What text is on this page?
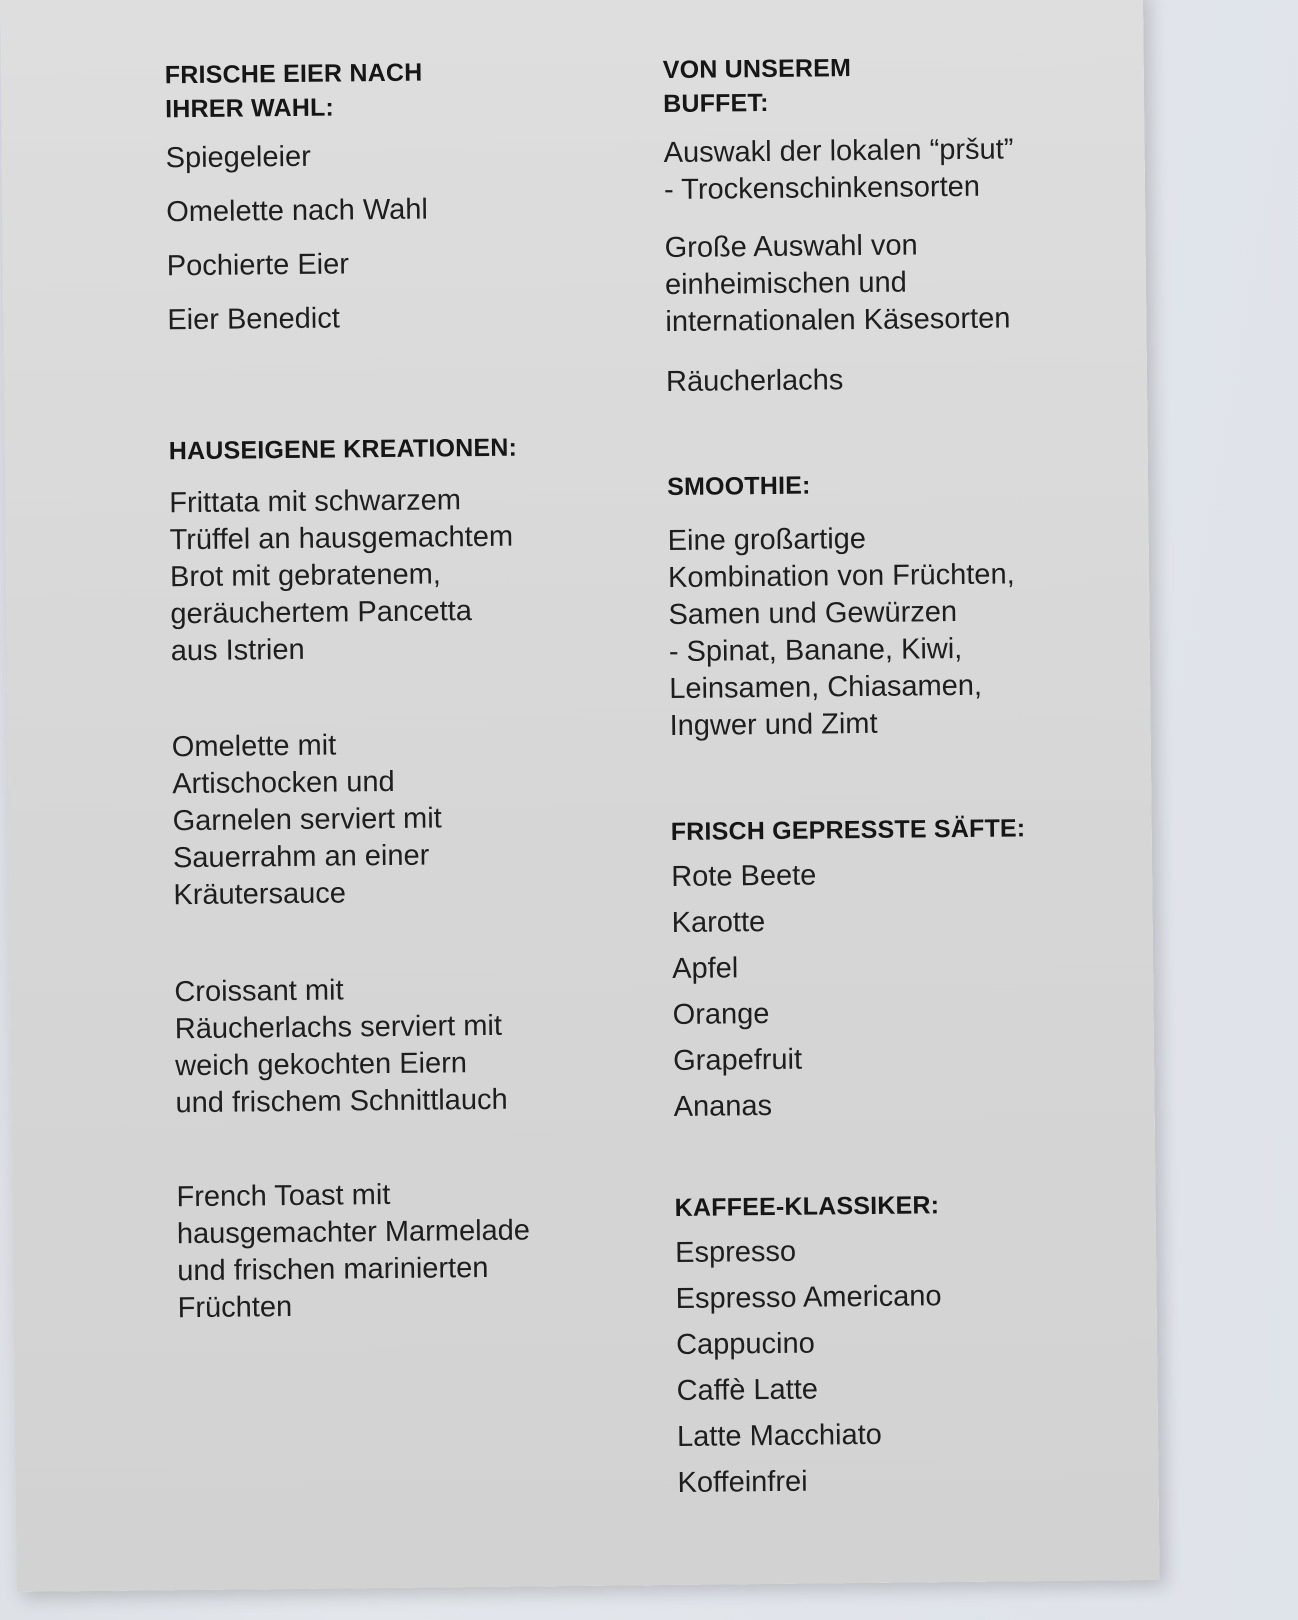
FRISCHE EIER NACH
IHRER WAHL:

Spiegeleier

Omelette nach Wahl

Pochierte Eier

Eier Benedict

HAUSEIGENE KREATIONEN:

Frittata mit schwarzem
Trüffel an hausgemachtem
Brot mit gebratenem,
geräuchertem Pancetta
aus Istrien

Omelette mit
Artischocken und
Garnelen serviert mit
Sauerrahm an einer
Kräutersauce

Croissant mit
Räucherlachs serviert mit
weich gekochten Eiern
und frischem Schnittlauch

French Toast mit
hausgemachter Marmelade
und frischen marinierten
Früchten

VON UNSEREM
BUFFET:

Auswakl der lokalen “pršut”
- Trockenschinkensorten

Große Auswahl von
einheimischen und
internationalen Käsesorten

Räucherlachs

SMOOTHIE:

Eine großartige
Kombination von Früchten,
Samen und Gewürzen
- Spinat, Banane, Kiwi,
Leinsamen, Chiasamen,
Ingwer und Zimt

FRISCH GEPRESSTE SÄFTE:

Rote Beete

Karotte

Apfel

Orange

Grapefruit

Ananas

KAFFEE-KLASSIKER:

Espresso

Espresso Americano

Cappucino

Caffè Latte

Latte Macchiato

Koffeinfrei
